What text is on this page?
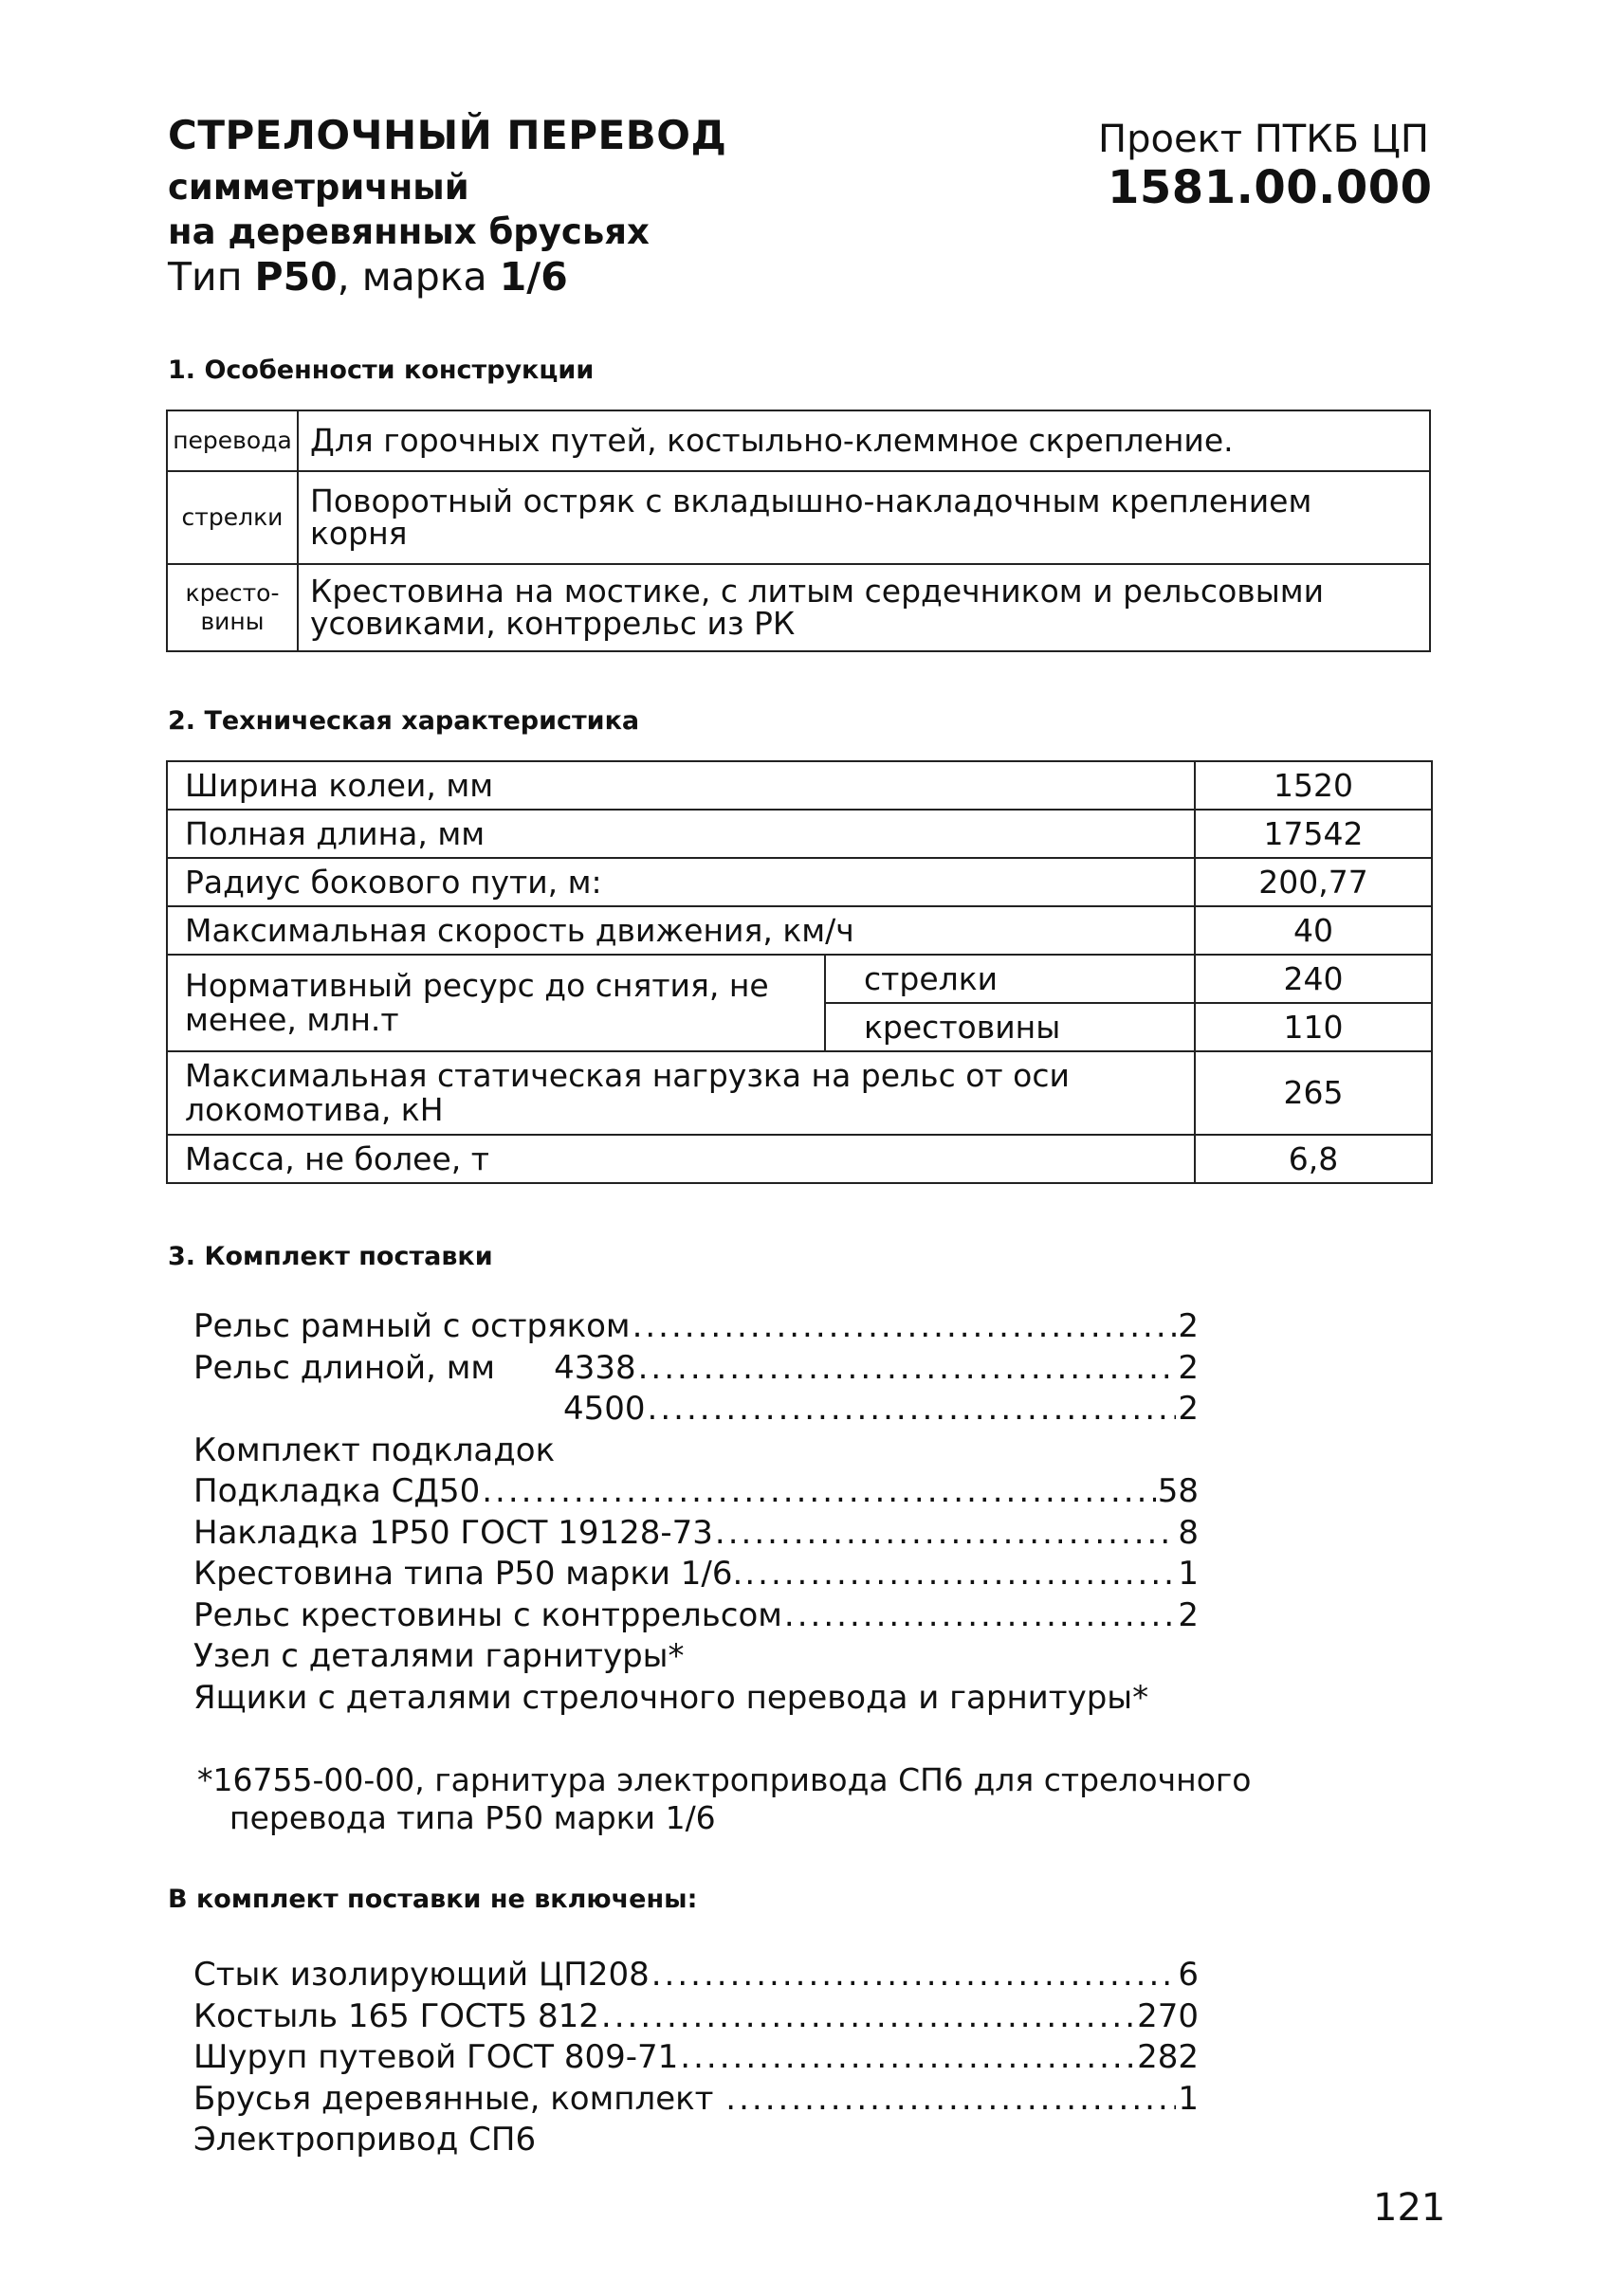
СТРЕЛОЧНЫЙ ПЕРЕВОД
симметричный
на деревянных брусьях
Тип Р50, марка 1/6
Проект ПТКБ ЦП
1581.00.000
1. Особенности конструкции
перевода	Для горочных путей, костыльно-клеммное скрепление.
стрелки	Поворотный остряк с вкладышно-накладочным креплением корня
кресто-
вины	Крестовина на мостике, с литым сердечником и рельсовыми усовиками, контррельс из РК
2. Техническая характеристика
Ширина колеи, мм		1520
Полная длина, мм		17542
Радиус бокового пути, м:		200,77
Максимальная скорость движения, км/ч		40
Нормативный ресурс до снятия, не менее, млн.т	стрелки	240
	крестовины	110
Максимальная статическая нагрузка на рельс от оси локомотива, кН		265
Масса, не более, т		6,8
3. Комплект поставки
Рельс рамный с остряком .....	2
Рельс длиной, мм 4338 .....	2
4500 .....	2
Комплект подкладок
Подкладка СД50 .....	58
Накладка 1Р50 ГОСТ 19128-73 .....	8
Крестовина типа Р50 марки 1/6. .....	1
Рельс крестовины с контррельсом .....	2
Узел с деталями гарнитуры*
Ящики с деталями стрелочного перевода и гарнитуры*
*16755-00-00, гарнитура электропривода СП6 для стрелочного
перевода типа Р50 марки 1/6
В комплект поставки не включены:
Стык изолирующий ЦП208 .....	6
Костыль 165 ГОСТ5 812 .....	270
Шуруп путевой ГОСТ 809-71 .....	282
Брусья деревянные, комплект .....	1
Электропривод СП6
121
